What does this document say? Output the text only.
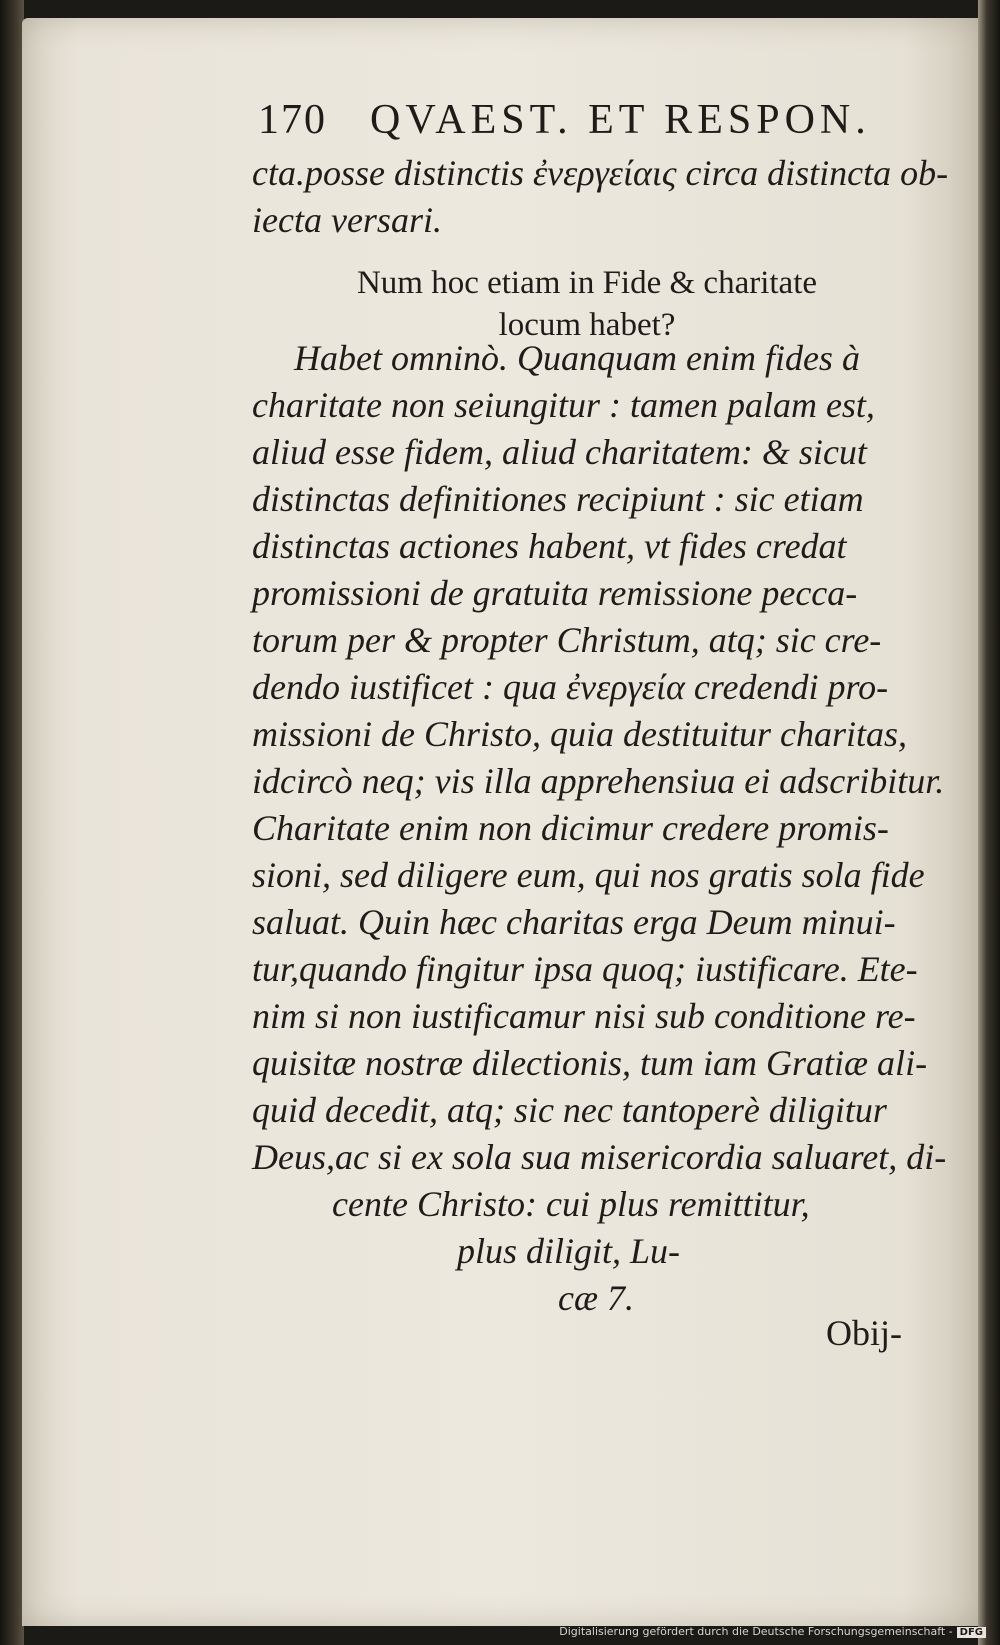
170 QVAEST. ET RESPON.
cta.posse distinctis ἐνεργείαις circa distincta ob-
iecta versari.
Num hoc etiam in Fide & charitate
locum habet?
Habet omninò. Quanquam enim fides à
charitate non seiungitur : tamen palam est,
aliud esse fidem, aliud charitatem: & sicut
distinctas definitiones recipiunt : sic etiam
distinctas actiones habent, vt fides credat
promissioni de gratuita remissione pecca-
torum per & propter Christum, atq; sic cre-
dendo iustificet : qua ἐνεργεία credendi pro-
missioni de Christo, quia destituitur charitas,
idcircò neq; vis illa apprehensiua ei adscribitur.
Charitate enim non dicimur credere promis-
sioni, sed diligere eum, qui nos gratis sola fide
saluat. Quin hæc charitas erga Deum minui-
tur,quando fingitur ipsa quoq; iustificare. Ete-
nim si non iustificamur nisi sub conditione re-
quisitæ nostræ dilectionis, tum iam Gratiæ ali-
quid decedit, atq; sic nec tantoperè diligitur
Deus,ac si ex sola sua misericordia saluaret, di-
cente Christo: cui plus remittitur,
plus diligit, Lu-
cæ 7.
Obij-
Digitalisierung gefördert durch die Deutsche Forschungsgemeinschaft - DFG
